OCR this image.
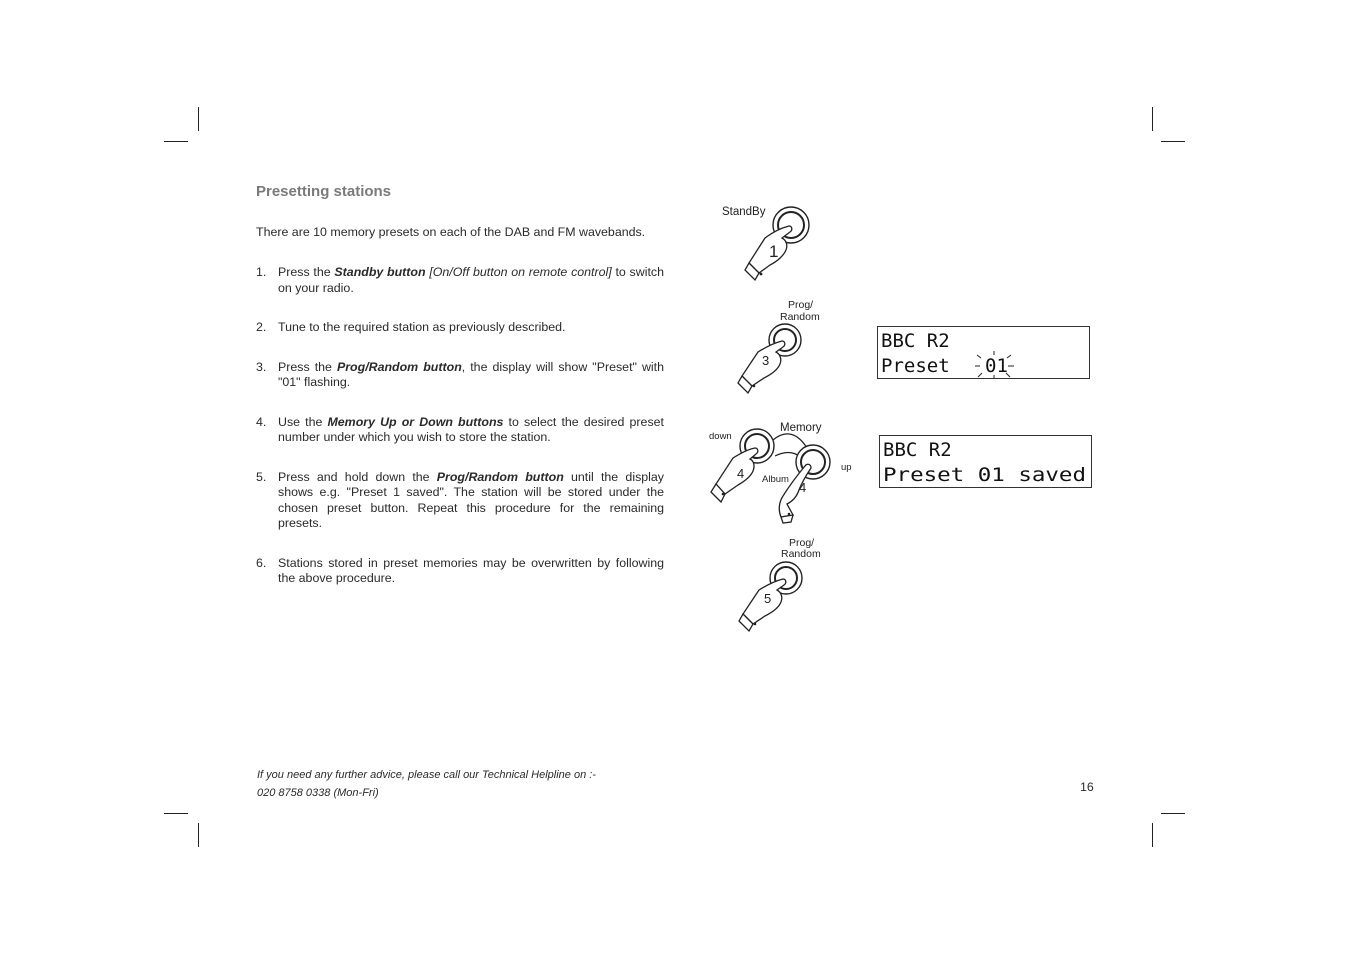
Presetting stations

There are 10 memory presets on each of the DAB and FM wavebands.

1. Press the Standby button [On/Off button on remote control] to switch on your radio.
2. Tune to the required station as previously described.
3. Press the Prog/Random button, the display will show "Preset" with "01" flashing.
4. Use the Memory Up or Down buttons to select the desired preset number under which you wish to store the station.
5. Press and hold down the Prog/Random button until the display shows e.g. "Preset 1 saved". The station will be stored under the chosen preset button. Repeat this procedure for the remaining presets.
6. Stations stored in preset memories may be overwritten by following the above procedure.
StandBy
1
Prog/
Random
3
Memory
down
up
4 Album
4
Prog/
Random
5
BBC R2
Preset 01
BBC R2
Preset 01 saved
If you need any further advice, please call our Technical Helpline on :-
020 8758 0338 (Mon-Fri)	16
